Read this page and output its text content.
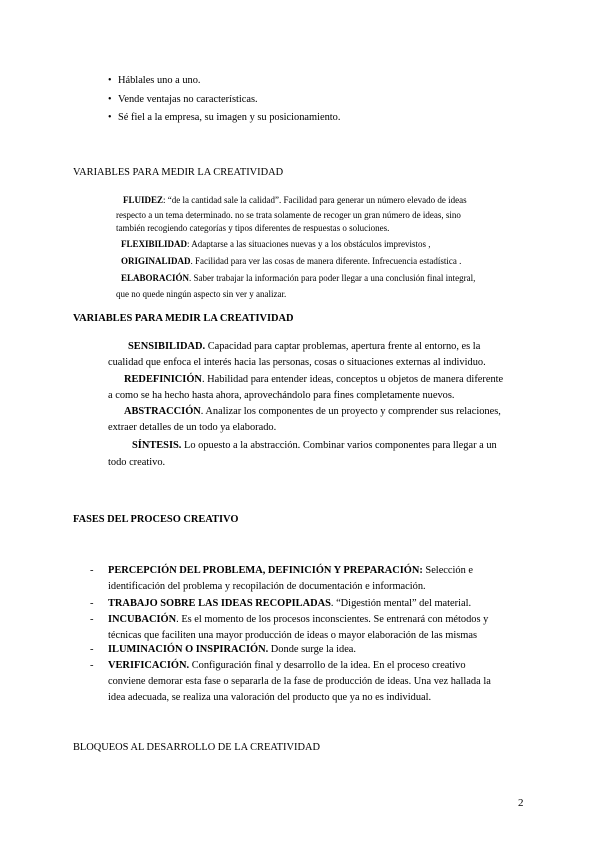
• Háblales uno a uno.
• Vende ventajas no características.
• Sé fiel a la empresa, su imagen y su posicionamiento.
VARIABLES PARA MEDIR LA CREATIVIDAD
FLUIDEZ: “de la cantidad sale la calidad”. Facilidad para generar un número elevado de ideas
respecto a un tema determinado. no se trata solamente de recoger un gran número de ideas, sino
también recogiendo categorías y tipos diferentes de respuestas o soluciones.
FLEXIBILIDAD: Adaptarse a las situaciones nuevas y a los obstáculos imprevistos ,
ORIGINALIDAD. Facilidad para ver las cosas de manera diferente. Infrecuencia estadística .
ELABORACIÓN. Saber trabajar la información para poder llegar a una conclusión final integral,
que no quede ningún aspecto sin ver y analizar.
VARIABLES PARA MEDIR LA CREATIVIDAD
SENSIBILIDAD. Capacidad para captar problemas, apertura frente al entorno, es la
cualidad que enfoca el interés hacia las personas, cosas o situaciones externas al individuo.
REDEFINICIÓN. Habilidad para entender ideas, conceptos u objetos de manera diferente
a como se ha hecho hasta ahora, aprovechándolo para fines completamente nuevos.
ABSTRACCIÓN. Analizar los componentes de un proyecto y comprender sus relaciones,
extraer detalles de un todo ya elaborado.
SÍNTESIS. Lo opuesto a la abstracción. Combinar varios componentes para llegar a un
todo creativo.
FASES DEL PROCESO CREATIVO
- PERCEPCIÓN DEL PROBLEMA, DEFINICIÓN Y PREPARACIÓN: Selección e
identificación del problema y recopilación de documentación e información.
- TRABAJO SOBRE LAS IDEAS RECOPILADAS. “Digestión mental” del material.
- INCUBACIÓN. Es el momento de los procesos inconscientes. Se entrenará con métodos y
técnicas que faciliten una mayor producción de ideas o mayor elaboración de las mismas
- ILUMINACIÓN O INSPIRACIÓN. Donde surge la idea.
- VERIFICACIÓN. Configuración final y desarrollo de la idea. En el proceso creativo
conviene demorar esta fase o separarla de la fase de producción de ideas. Una vez hallada la
idea adecuada, se realiza una valoración del producto que ya no es individual.
BLOQUEOS AL DESARROLLO DE LA CREATIVIDAD
2
